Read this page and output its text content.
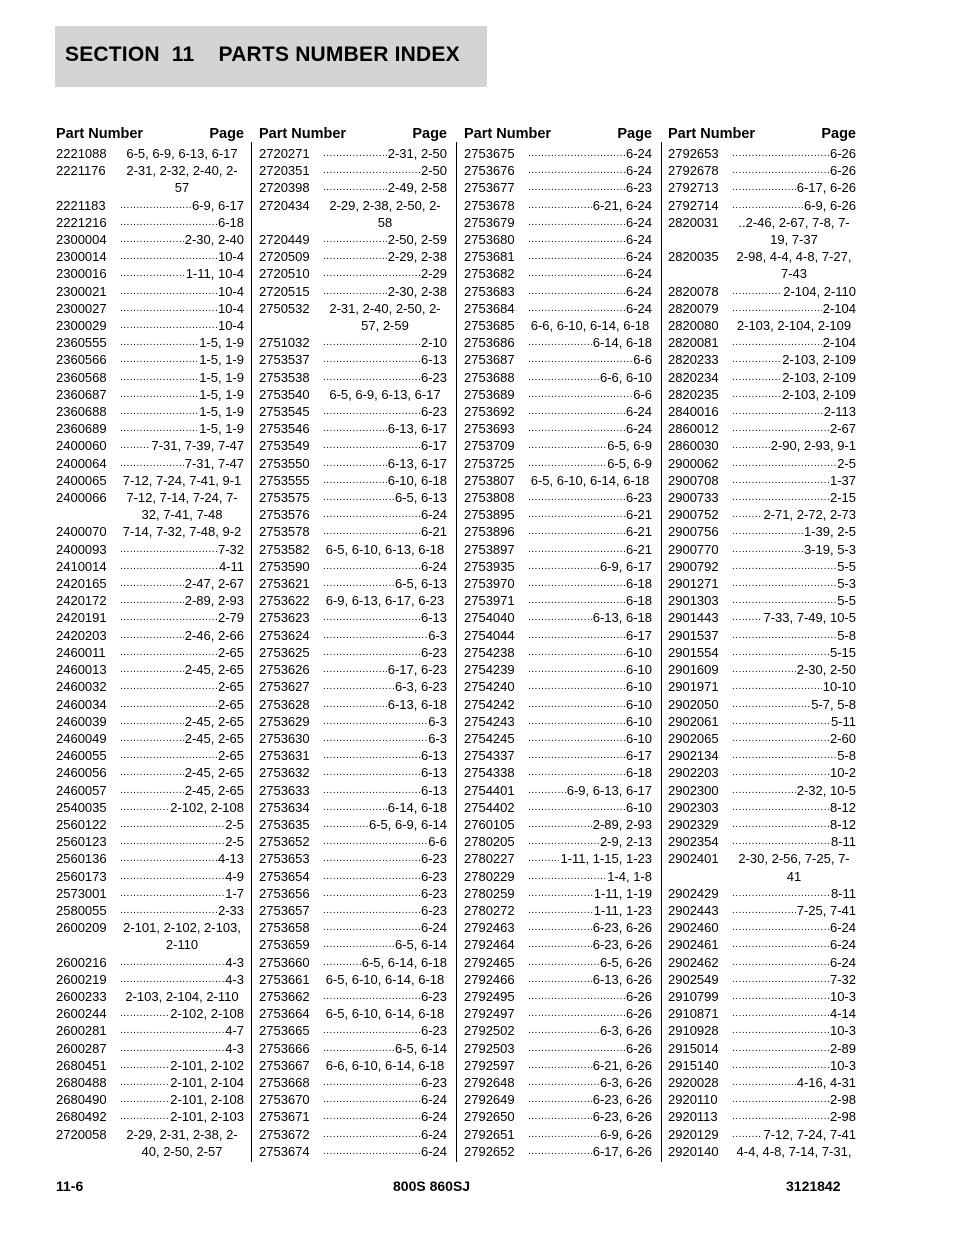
SECTION  11    PARTS NUMBER INDEX
Part Number	Page
2221088	6-5, 6-9, 6-13, 6-17
2221176	2-31, 2-32, 2-40, 2-57
2221183 .....	6-9, 6-17
2221216 .....	6-18
2300004 .....	2-30, 2-40
2300014 .....	10-4
2300016 .....	1-11, 10-4
2300021 .....	10-4
2300027 .....	10-4
2300029 .....	10-4
2360555 .....	1-5, 1-9
2360566 .....	1-5, 1-9
2360568 .....	1-5, 1-9
2360687 .....	1-5, 1-9
2360688 .....	1-5, 1-9
2360689 .....	1-5, 1-9
2400060 .....	7-31, 7-39, 7-47
2400064 .....	7-31, 7-47
2400065	7-12, 7-24, 7-41, 9-1
2400066	7-12, 7-14, 7-24, 7-32, 7-41, 7-48
2400070	7-14, 7-32, 7-48, 9-2
2400093 .....	7-32
2410014 .....	4-11
2420165 .....	2-47, 2-67
2420172 .....	2-89, 2-93
2420191 .....	2-79
2420203 .....	2-46, 2-66
2460011 .....	2-65
2460013 .....	2-45, 2-65
2460032 .....	2-65
2460034 .....	2-65
2460039 .....	2-45, 2-65
2460049 .....	2-45, 2-65
2460055 .....	2-65
2460056 .....	2-45, 2-65
2460057 .....	2-45, 2-65
2540035 .....	2-102, 2-108
2560122 .....	2-5
2560123 .....	2-5
2560136 .....	4-13
2560173 .....	4-9
2573001 .....	1-7
2580055 .....	2-33
2600209	2-101, 2-102, 2-103, 2-110
2600216 .....	4-3
2600219 .....	4-3
2600233	2-103, 2-104, 2-110
2600244 .....	2-102, 2-108
2600281 .....	4-7
2600287 .....	4-3
2680451 .....	2-101, 2-102
2680488 .....	2-101, 2-104
2680490 .....	2-101, 2-108
2680492 .....	2-101, 2-103
2720058	2-29, 2-31, 2-38, 2-40, 2-50, 2-57
Part Number	Page
2720271 .....	2-31, 2-50
2720351 .....	2-50
2720398 .....	2-49, 2-58
2720434	2-29, 2-38, 2-50, 2-58
2720449 .....	2-50, 2-59
2720509 .....	2-29, 2-38
2720510 .....	2-29
2720515 .....	2-30, 2-38
2750532	2-31, 2-40, 2-50, 2-57, 2-59
2751032 .....	2-10
2753537 .....	6-13
2753538 .....	6-23
2753540	6-5, 6-9, 6-13, 6-17
2753545 .....	6-23
2753546 .....	6-13, 6-17
2753549 .....	6-17
2753550 .....	6-13, 6-17
2753555 .....	6-10, 6-18
2753575 .....	6-5, 6-13
2753576 .....	6-24
2753578 .....	6-21
2753582	6-5, 6-10, 6-13, 6-18
2753590 .....	6-24
2753621 .....	6-5, 6-13
2753622	6-9, 6-13, 6-17, 6-23
2753623 .....	6-13
2753624 .....	6-3
2753625 .....	6-23
2753626 .....	6-17, 6-23
2753627 .....	6-3, 6-23
2753628 .....	6-13, 6-18
2753629 .....	6-3
2753630 .....	6-3
2753631 .....	6-13
2753632 .....	6-13
2753633 .....	6-13
2753634 .....	6-14, 6-18
2753635 .....	6-5, 6-9, 6-14
2753652 .....	6-6
2753653 .....	6-23
2753654 .....	6-23
2753656 .....	6-23
2753657 .....	6-23
2753658 .....	6-24
2753659 .....	6-5, 6-14
2753660 .....	6-5, 6-14, 6-18
2753661	6-5, 6-10, 6-14, 6-18
2753662 .....	6-23
2753664	6-5, 6-10, 6-14, 6-18
2753665 .....	6-23
2753666 .....	6-5, 6-14
2753667	6-6, 6-10, 6-14, 6-18
2753668 .....	6-23
2753670 .....	6-24
2753671 .....	6-24
2753672 .....	6-24
2753674 .....	6-24
Part Number	Page
2753675 .....	6-24
2753676 .....	6-24
2753677 .....	6-23
2753678 .....	6-21, 6-24
2753679 .....	6-24
2753680 .....	6-24
2753681 .....	6-24
2753682 .....	6-24
2753683 .....	6-24
2753684 .....	6-24
2753685	6-6, 6-10, 6-14, 6-18
2753686 .....	6-14, 6-18
2753687 .....	6-6
2753688 .....	6-6, 6-10
2753689 .....	6-6
2753692 .....	6-24
2753693 .....	6-24
2753709 .....	6-5, 6-9
2753725 .....	6-5, 6-9
2753807	6-5, 6-10, 6-14, 6-18
2753808 .....	6-23
2753895 .....	6-21
2753896 .....	6-21
2753897 .....	6-21
2753935 .....	6-9, 6-17
2753970 .....	6-18
2753971 .....	6-18
2754040 .....	6-13, 6-18
2754044 .....	6-17
2754238 .....	6-10
2754239 .....	6-10
2754240 .....	6-10
2754242 .....	6-10
2754243 .....	6-10
2754245 .....	6-10
2754337 .....	6-17
2754338 .....	6-18
2754401 .....	6-9, 6-13, 6-17
2754402 .....	6-10
2760105 .....	2-89, 2-93
2780205 .....	2-9, 2-13
2780227 .....	1-11, 1-15, 1-23
2780229 .....	1-4, 1-8
2780259 .....	1-11, 1-19
2780272 .....	1-11, 1-23
2792463 .....	6-23, 6-26
2792464 .....	6-23, 6-26
2792465 .....	6-5, 6-26
2792466 .....	6-13, 6-26
2792495 .....	6-26
2792497 .....	6-26
2792502 .....	6-3, 6-26
2792503 .....	6-26
2792597 .....	6-21, 6-26
2792648 .....	6-3, 6-26
2792649 .....	6-23, 6-26
2792650 .....	6-23, 6-26
2792651 .....	6-9, 6-26
2792652 .....	6-17, 6-26
Part Number	Page
2792653 .....	6-26
2792678 .....	6-26
2792713 .....	6-17, 6-26
2792714 .....	6-9, 6-26
2820031	..2-46, 2-67, 7-8, 7-19, 7-37
2820035	2-98, 4-4, 4-8, 7-27, 7-43
2820078 .....	2-104, 2-110
2820079 .....	2-104
2820080	2-103, 2-104, 2-109
2820081 .....	2-104
2820233 .....	2-103, 2-109
2820234 .....	2-103, 2-109
2820235 .....	2-103, 2-109
2840016 .....	2-113
2860012 .....	2-67
2860030 .....	2-90, 2-93, 9-1
2900062 .....	2-5
2900708 .....	1-37
2900733 .....	2-15
2900752 .....	2-71, 2-72, 2-73
2900756 .....	1-39, 2-5
2900770 .....	3-19, 5-3
2900792 .....	5-5
2901271 .....	5-3
2901303 .....	5-5
2901443 .....	7-33, 7-49, 10-5
2901537 .....	5-8
2901554 .....	5-15
2901609 .....	2-30, 2-50
2901971 .....	10-10
2902050 .....	5-7, 5-8
2902061 .....	5-11
2902065 .....	2-60
2902134 .....	5-8
2902203 .....	10-2
2902300 .....	2-32, 10-5
2902303 .....	8-12
2902329 .....	8-12
2902354 .....	8-11
2902401	2-30, 2-56, 7-25, 7-41
2902429 .....	8-11
2902443 .....	7-25, 7-41
2902460 .....	6-24
2902461 .....	6-24
2902462 .....	6-24
2902549 .....	7-32
2910799 .....	10-3
2910871 .....	4-14
2910928 .....	10-3
2915014 .....	2-89
2915140 .....	10-3
2920028 .....	4-16, 4-31
2920110 .....	2-98
2920113 .....	2-98
2920129 .....	7-12, 7-24, 7-41
2920140	4-4, 4-8, 7-14, 7-31,
11-6	800S 860SJ	3121842
